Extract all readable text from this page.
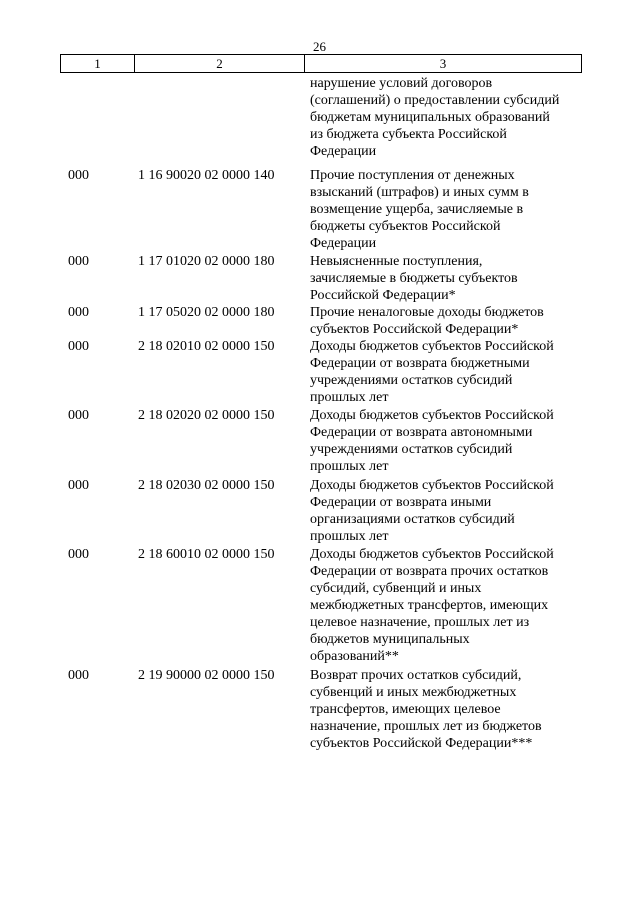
26
1	2	3
нарушение условий договоров
(соглашений) о предоставлении субсидий
бюджетам муниципальных образований
из бюджета субъекта Российской
Федерации
000	1 16 90020 02 0000 140	Прочие поступления от денежных
взысканий (штрафов) и иных сумм в
возмещение ущерба, зачисляемые в
бюджеты субъектов Российской
Федерации
000	1 17 01020 02 0000 180	Невыясненные поступления,
зачисляемые в бюджеты субъектов
Российской Федерации*
000	1 17 05020 02 0000 180	Прочие неналоговые доходы бюджетов
субъектов Российской Федерации*
000	2 18 02010 02 0000 150	Доходы бюджетов субъектов Российской
Федерации от возврата бюджетными
учреждениями остатков субсидий
прошлых лет
000	2 18 02020 02 0000 150	Доходы бюджетов субъектов Российской
Федерации от возврата автономными
учреждениями остатков субсидий
прошлых лет
000	2 18 02030 02 0000 150	Доходы бюджетов субъектов Российской
Федерации от возврата иными
организациями остатков субсидий
прошлых лет
000	2 18 60010 02 0000 150	Доходы бюджетов субъектов Российской
Федерации от возврата прочих остатков
субсидий, субвенций и иных
межбюджетных трансфертов, имеющих
целевое назначение, прошлых лет из
бюджетов муниципальных
образований**
000	2 19 90000 02 0000 150	Возврат прочих остатков субсидий,
субвенций и иных межбюджетных
трансфертов, имеющих целевое
назначение, прошлых лет из бюджетов
субъектов Российской Федерации***
